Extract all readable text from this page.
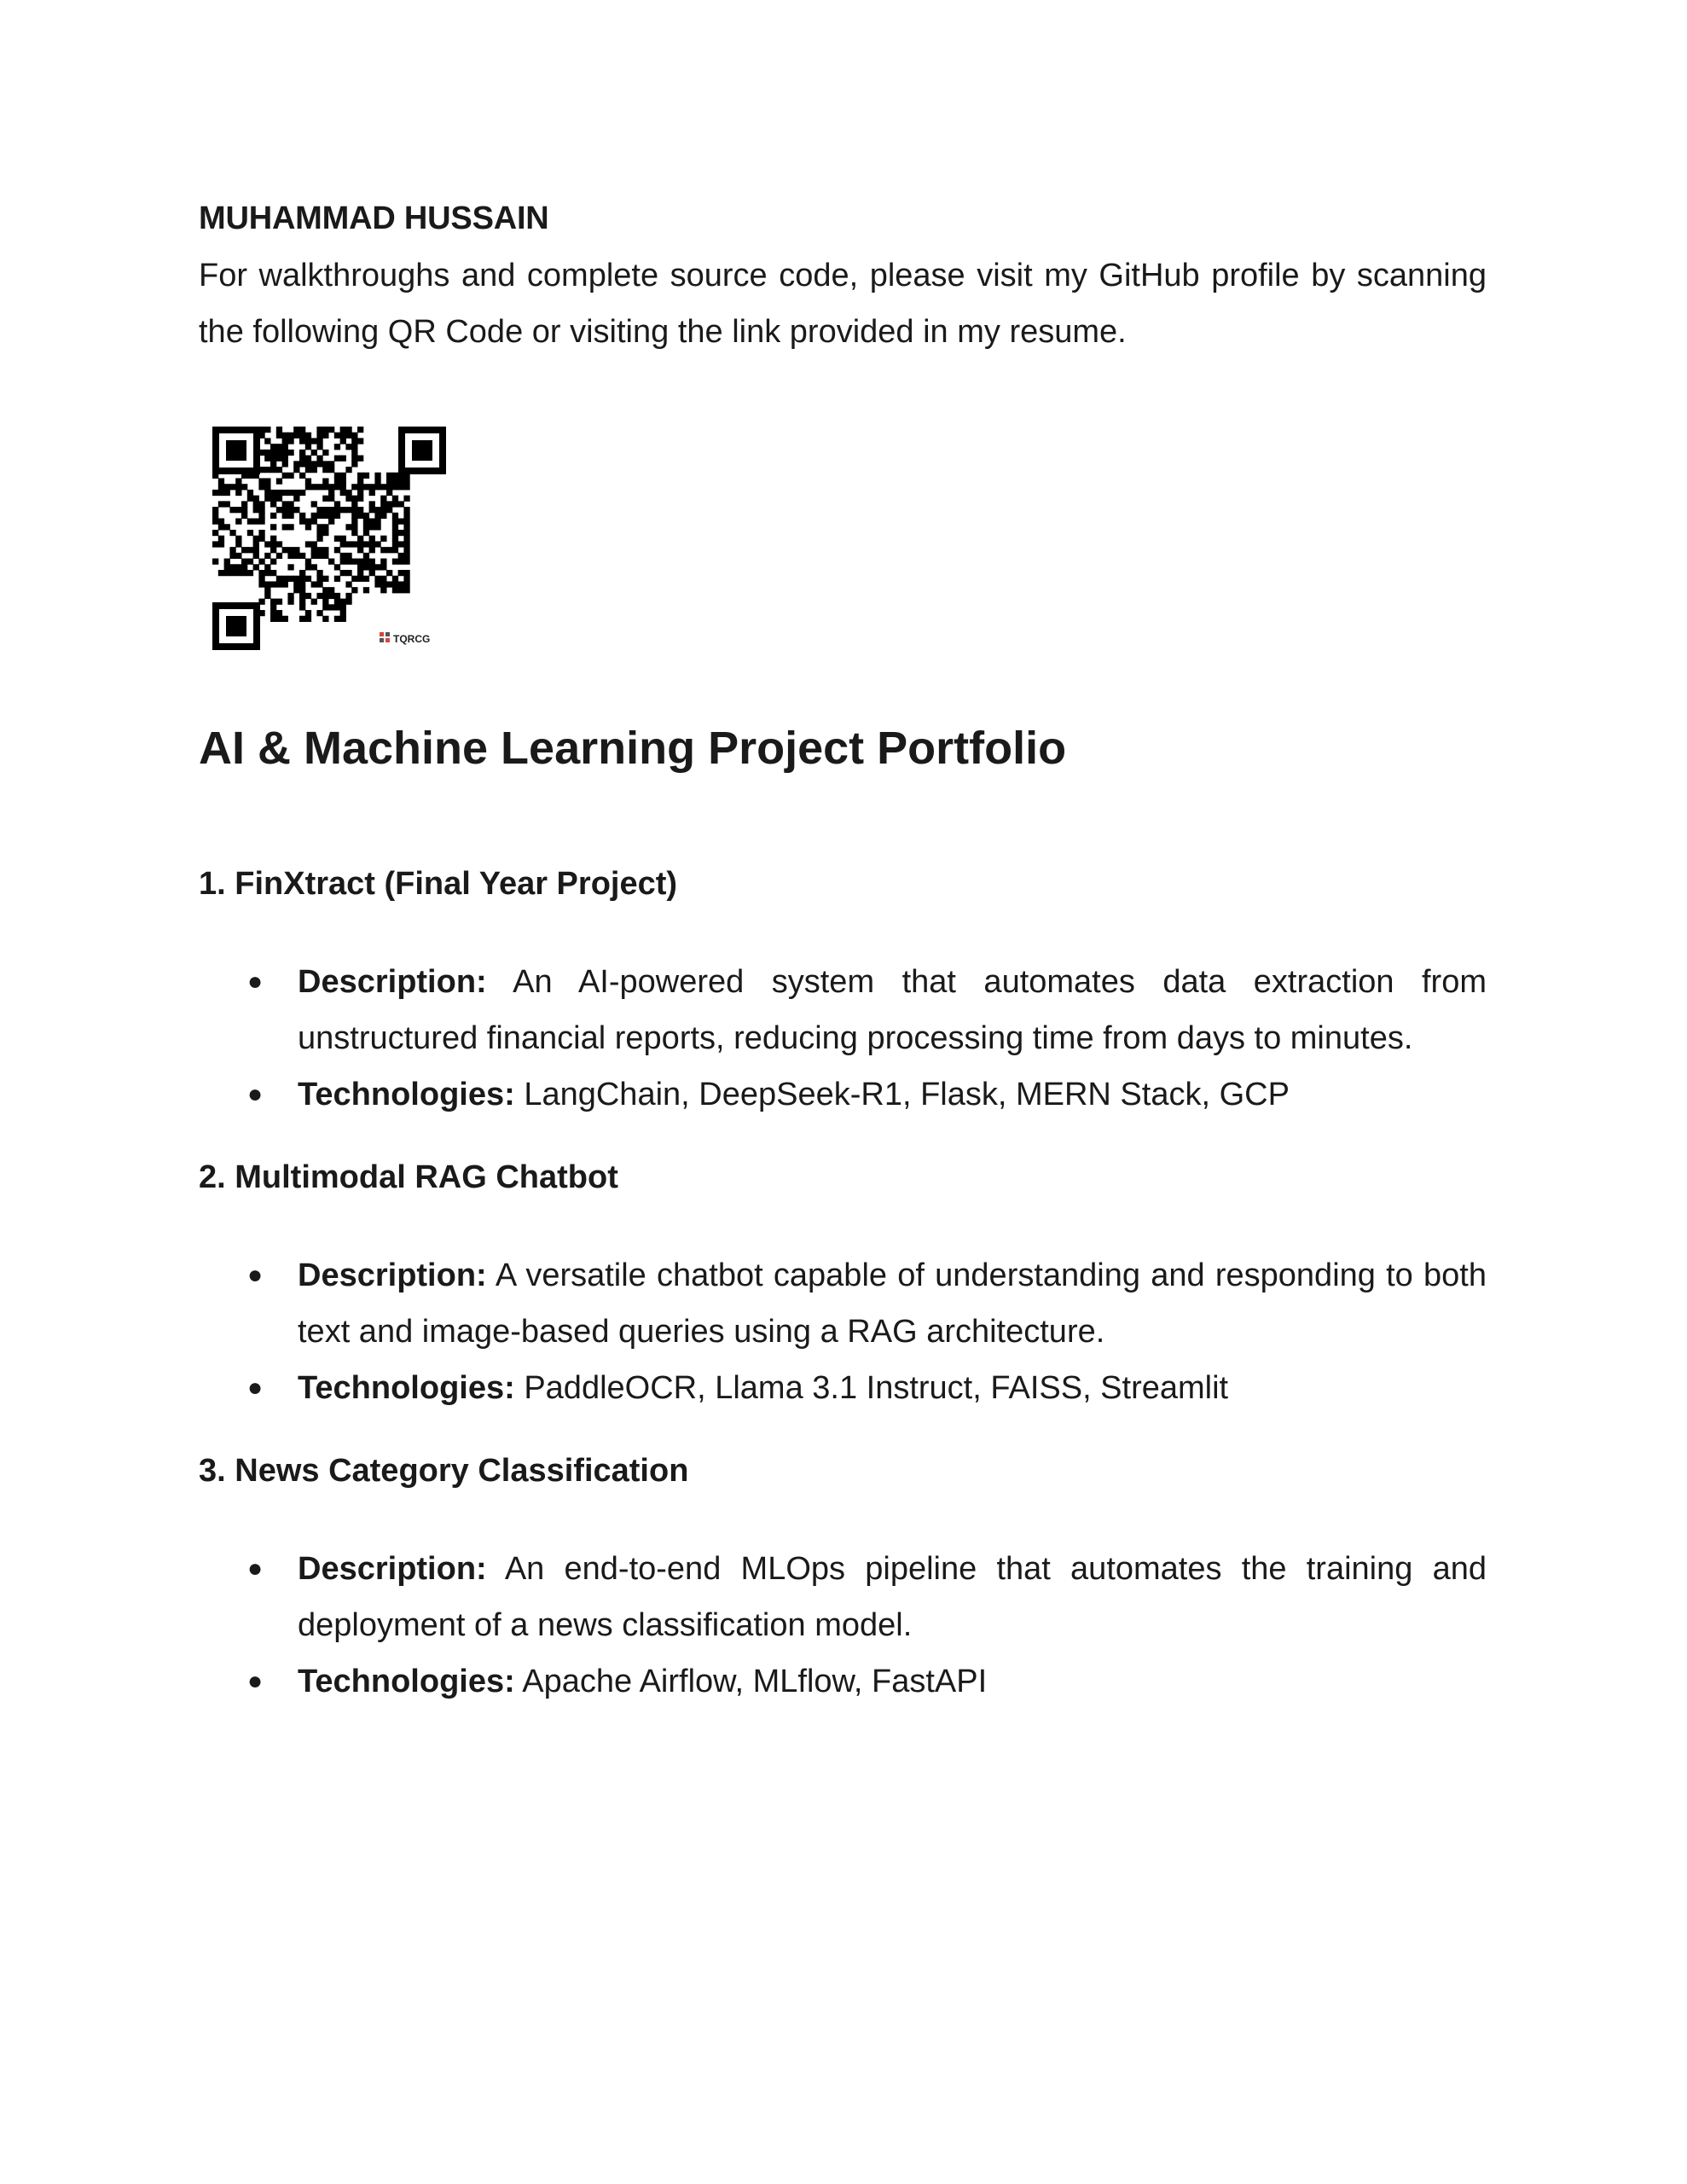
MUHAMMAD HUSSAIN
For walkthroughs and complete source code, please visit my GitHub profile by scanning the following QR Code or visiting the link provided in my resume.
TQRCG
AI & Machine Learning Project Portfolio
1. FinXtract (Final Year Project)
● Description: An AI-powered system that automates data extraction from unstructured financial reports, reducing processing time from days to minutes.
● Technologies: LangChain, DeepSeek-R1, Flask, MERN Stack, GCP
2. Multimodal RAG Chatbot
● Description: A versatile chatbot capable of understanding and responding to both text and image-based queries using a RAG architecture.
● Technologies: PaddleOCR, Llama 3.1 Instruct, FAISS, Streamlit
3. News Category Classification
● Description: An end-to-end MLOps pipeline that automates the training and deployment of a news classification model.
● Technologies: Apache Airflow, MLflow, FastAPI
